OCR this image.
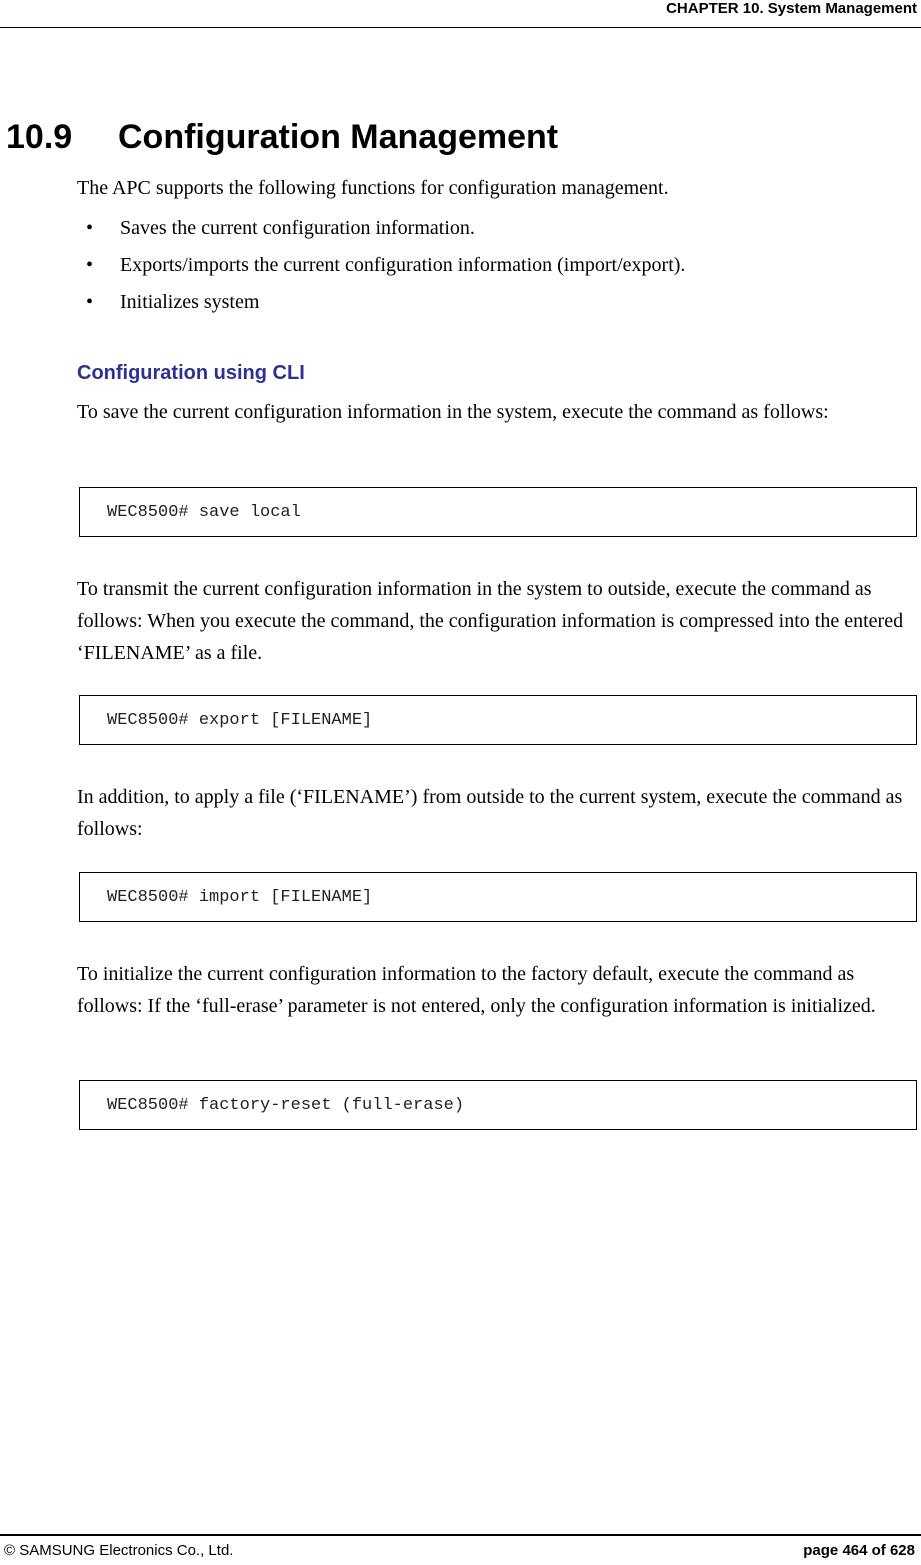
CHAPTER 10. System Management
10.9 Configuration Management
The APC supports the following functions for configuration management.
• Saves the current configuration information.
• Exports/imports the current configuration information (import/export).
• Initializes system
Configuration using CLI
To save the current configuration information in the system, execute the command as follows:
WEC8500# save local
To transmit the current configuration information in the system to outside, execute the command as follows: When you execute the command, the configuration information is compressed into the entered ‘FILENAME’ as a file.
WEC8500# export [FILENAME]
In addition, to apply a file (‘FILENAME’) from outside to the current system, execute the command as follows:
WEC8500# import [FILENAME]
To initialize the current configuration information to the factory default, execute the command as follows: If the ‘full-erase’ parameter is not entered, only the configuration information is initialized.
WEC8500# factory-reset (full-erase)
© SAMSUNG Electronics Co., Ltd.	page 464 of 628
